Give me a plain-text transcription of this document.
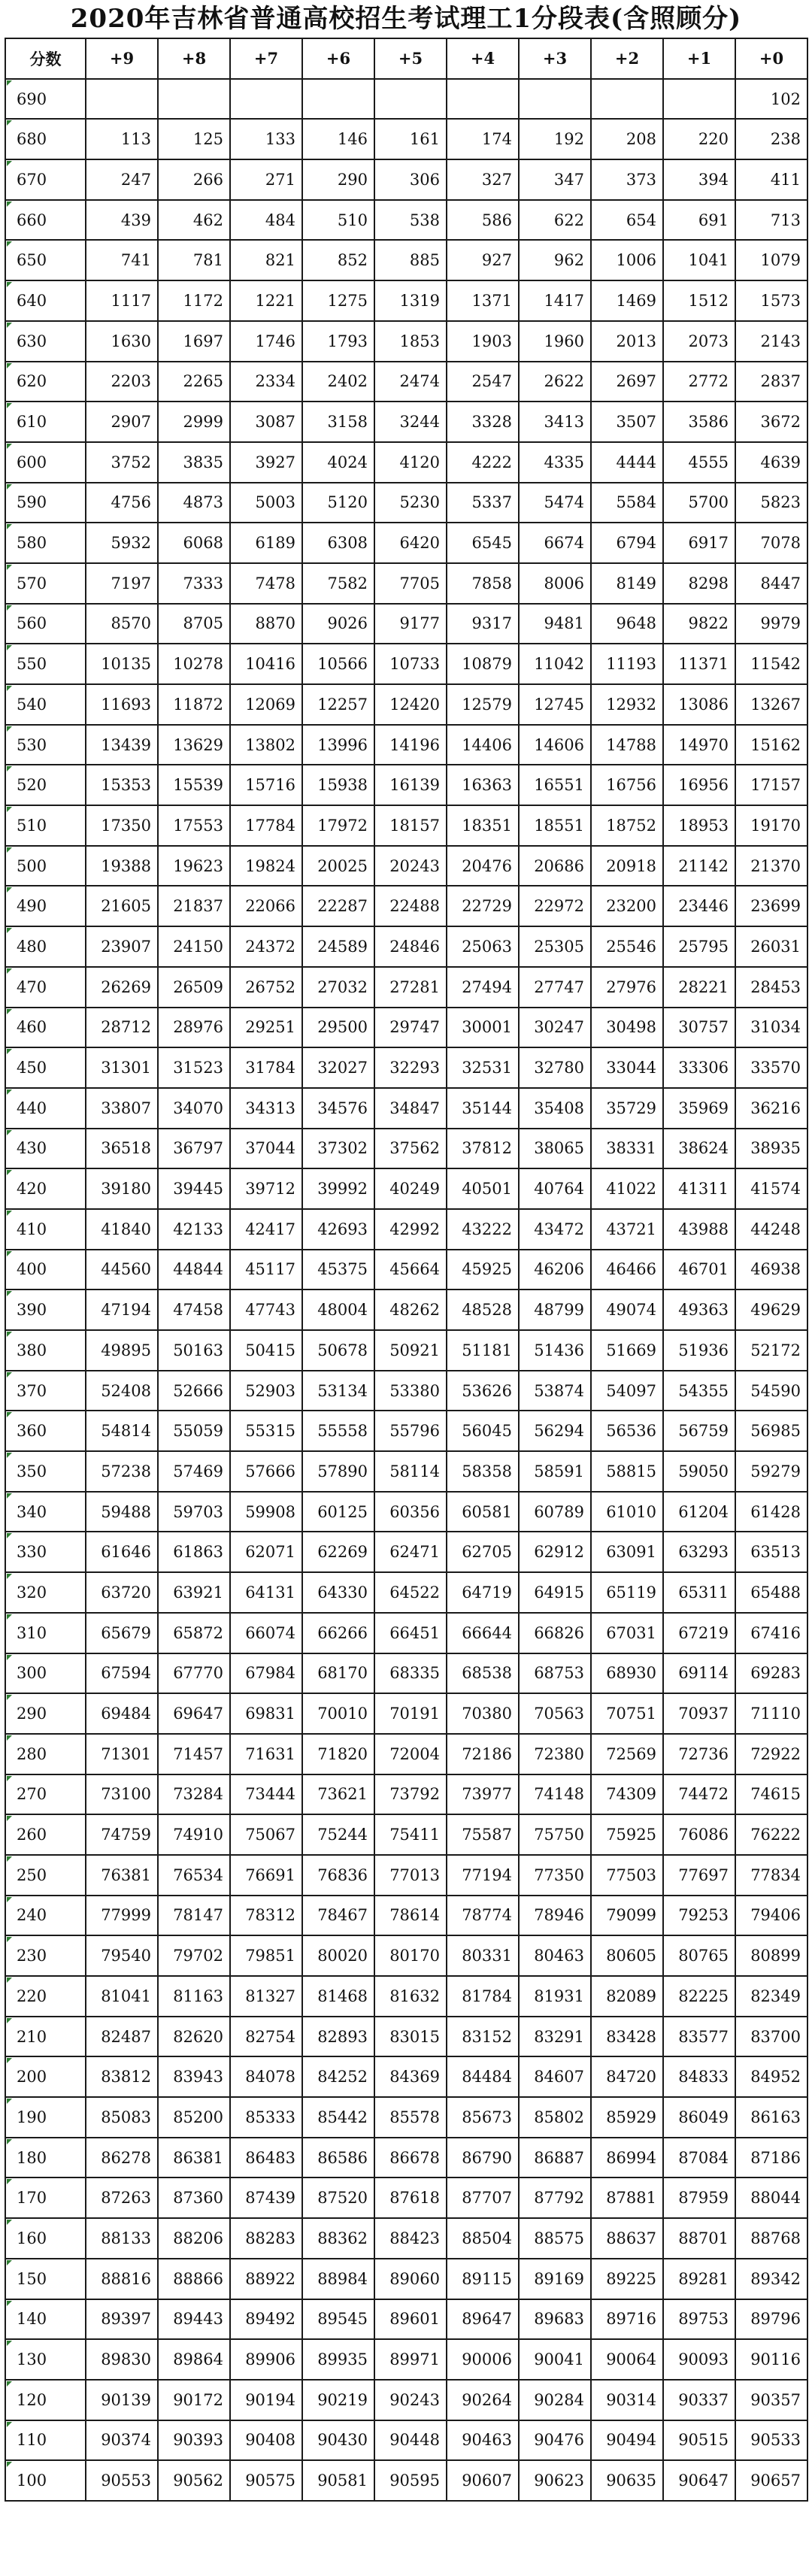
2020年吉林省普通高校招生考试理工1分段表(含照顾分)
分数	+9	+8	+7	+6	+5	+4	+3	+2	+1	+0
690										102
680	113	125	133	146	161	174	192	208	220	238
670	247	266	271	290	306	327	347	373	394	411
660	439	462	484	510	538	586	622	654	691	713
650	741	781	821	852	885	927	962	1006	1041	1079
640	1117	1172	1221	1275	1319	1371	1417	1469	1512	1573
630	1630	1697	1746	1793	1853	1903	1960	2013	2073	2143
620	2203	2265	2334	2402	2474	2547	2622	2697	2772	2837
610	2907	2999	3087	3158	3244	3328	3413	3507	3586	3672
600	3752	3835	3927	4024	4120	4222	4335	4444	4555	4639
590	4756	4873	5003	5120	5230	5337	5474	5584	5700	5823
580	5932	6068	6189	6308	6420	6545	6674	6794	6917	7078
570	7197	7333	7478	7582	7705	7858	8006	8149	8298	8447
560	8570	8705	8870	9026	9177	9317	9481	9648	9822	9979
550	10135	10278	10416	10566	10733	10879	11042	11193	11371	11542
540	11693	11872	12069	12257	12420	12579	12745	12932	13086	13267
530	13439	13629	13802	13996	14196	14406	14606	14788	14970	15162
520	15353	15539	15716	15938	16139	16363	16551	16756	16956	17157
510	17350	17553	17784	17972	18157	18351	18551	18752	18953	19170
500	19388	19623	19824	20025	20243	20476	20686	20918	21142	21370
490	21605	21837	22066	22287	22488	22729	22972	23200	23446	23699
480	23907	24150	24372	24589	24846	25063	25305	25546	25795	26031
470	26269	26509	26752	27032	27281	27494	27747	27976	28221	28453
460	28712	28976	29251	29500	29747	30001	30247	30498	30757	31034
450	31301	31523	31784	32027	32293	32531	32780	33044	33306	33570
440	33807	34070	34313	34576	34847	35144	35408	35729	35969	36216
430	36518	36797	37044	37302	37562	37812	38065	38331	38624	38935
420	39180	39445	39712	39992	40249	40501	40764	41022	41311	41574
410	41840	42133	42417	42693	42992	43222	43472	43721	43988	44248
400	44560	44844	45117	45375	45664	45925	46206	46466	46701	46938
390	47194	47458	47743	48004	48262	48528	48799	49074	49363	49629
380	49895	50163	50415	50678	50921	51181	51436	51669	51936	52172
370	52408	52666	52903	53134	53380	53626	53874	54097	54355	54590
360	54814	55059	55315	55558	55796	56045	56294	56536	56759	56985
350	57238	57469	57666	57890	58114	58358	58591	58815	59050	59279
340	59488	59703	59908	60125	60356	60581	60789	61010	61204	61428
330	61646	61863	62071	62269	62471	62705	62912	63091	63293	63513
320	63720	63921	64131	64330	64522	64719	64915	65119	65311	65488
310	65679	65872	66074	66266	66451	66644	66826	67031	67219	67416
300	67594	67770	67984	68170	68335	68538	68753	68930	69114	69283
290	69484	69647	69831	70010	70191	70380	70563	70751	70937	71110
280	71301	71457	71631	71820	72004	72186	72380	72569	72736	72922
270	73100	73284	73444	73621	73792	73977	74148	74309	74472	74615
260	74759	74910	75067	75244	75411	75587	75750	75925	76086	76222
250	76381	76534	76691	76836	77013	77194	77350	77503	77697	77834
240	77999	78147	78312	78467	78614	78774	78946	79099	79253	79406
230	79540	79702	79851	80020	80170	80331	80463	80605	80765	80899
220	81041	81163	81327	81468	81632	81784	81931	82089	82225	82349
210	82487	82620	82754	82893	83015	83152	83291	83428	83577	83700
200	83812	83943	84078	84252	84369	84484	84607	84720	84833	84952
190	85083	85200	85333	85442	85578	85673	85802	85929	86049	86163
180	86278	86381	86483	86586	86678	86790	86887	86994	87084	87186
170	87263	87360	87439	87520	87618	87707	87792	87881	87959	88044
160	88133	88206	88283	88362	88423	88504	88575	88637	88701	88768
150	88816	88866	88922	88984	89060	89115	89169	89225	89281	89342
140	89397	89443	89492	89545	89601	89647	89683	89716	89753	89796
130	89830	89864	89906	89935	89971	90006	90041	90064	90093	90116
120	90139	90172	90194	90219	90243	90264	90284	90314	90337	90357
110	90374	90393	90408	90430	90448	90463	90476	90494	90515	90533
100	90553	90562	90575	90581	90595	90607	90623	90635	90647	90657
